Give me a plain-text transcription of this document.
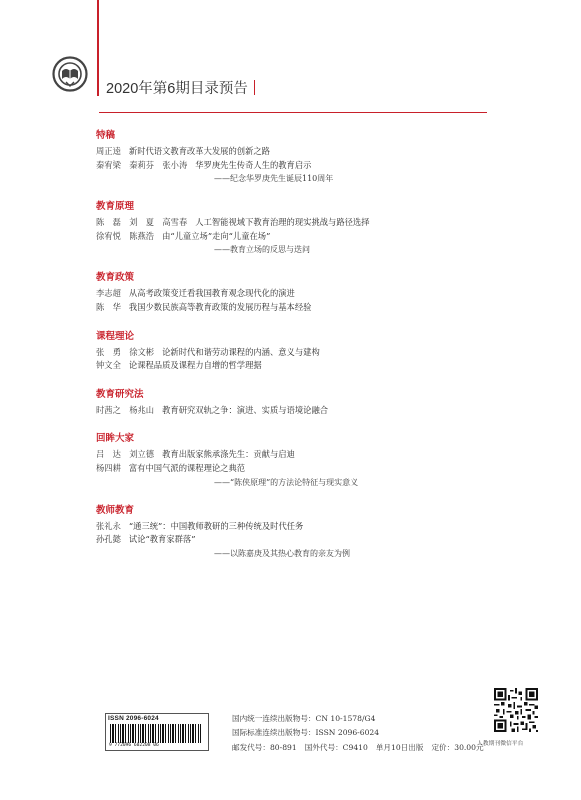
2020年第6期目录预告
特稿
周正逵 新时代语文教育改革大发展的创新之路
秦宥梁　秦莉芬　张小涛 华罗庚先生传奇人生的教育启示
——纪念华罗庚先生诞辰110周年
教育原理
陈　磊　刘　夏　高雪春 人工智能视域下教育治理的现实挑战与路径选择
徐宥悦　陈燕浩 由“儿童立场”走向“儿童在场”
——教育立场的反思与迭问
教育政策
李志超 从高考政策变迁看我国教育观念现代化的演进
陈　华 我国少数民族高等教育政策的发展历程与基本经验
课程理论
张　勇　徐文彬 论新时代和谐劳动课程的内涵、意义与建构
钟文全 论课程品质及课程力自增的哲学理据
教育研究法
时茜之　杨兆山 教育研究双轨之争：演进、实质与语境论融合
回眸大家
吕　达　刘立德 教育出版家熊承涤先生：贡献与启迪
杨四耕 富有中国气派的课程理论之典范
——“陈侠原理”的方法论特征与现实意义
教师教育
张礼永 “通三统”：中国教师教研的三种传统及时代任务
孙孔懿 试论“教育家群落”
——以陈嘉庚及其热心教育的亲友为例
ISSN 2096-6024
9 772096 602208 06
国内统一连续出版物号：CN 10-1578/G4
国际标准连续出版物号：ISSN 2096-6024
邮发代号：80-891 国外代号：C9410 单月10日出版 定价：30.00元
人教期刊微信平台
